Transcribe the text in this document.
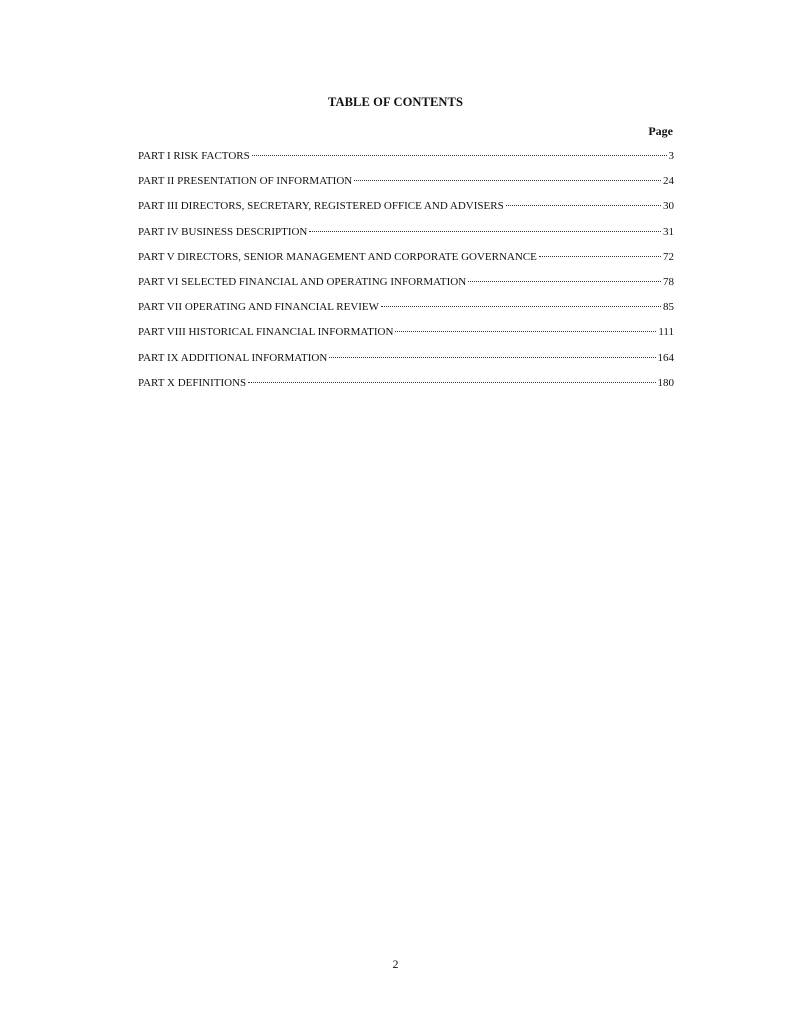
TABLE OF CONTENTS
Page
PART I RISK FACTORS	3
PART II PRESENTATION OF INFORMATION	24
PART III DIRECTORS, SECRETARY, REGISTERED OFFICE AND ADVISERS	30
PART IV BUSINESS DESCRIPTION	31
PART V DIRECTORS, SENIOR MANAGEMENT AND CORPORATE GOVERNANCE	72
PART VI SELECTED FINANCIAL AND OPERATING INFORMATION	78
PART VII OPERATING AND FINANCIAL REVIEW	85
PART VIII HISTORICAL FINANCIAL INFORMATION	111
PART IX ADDITIONAL INFORMATION	164
PART X DEFINITIONS	180
2
